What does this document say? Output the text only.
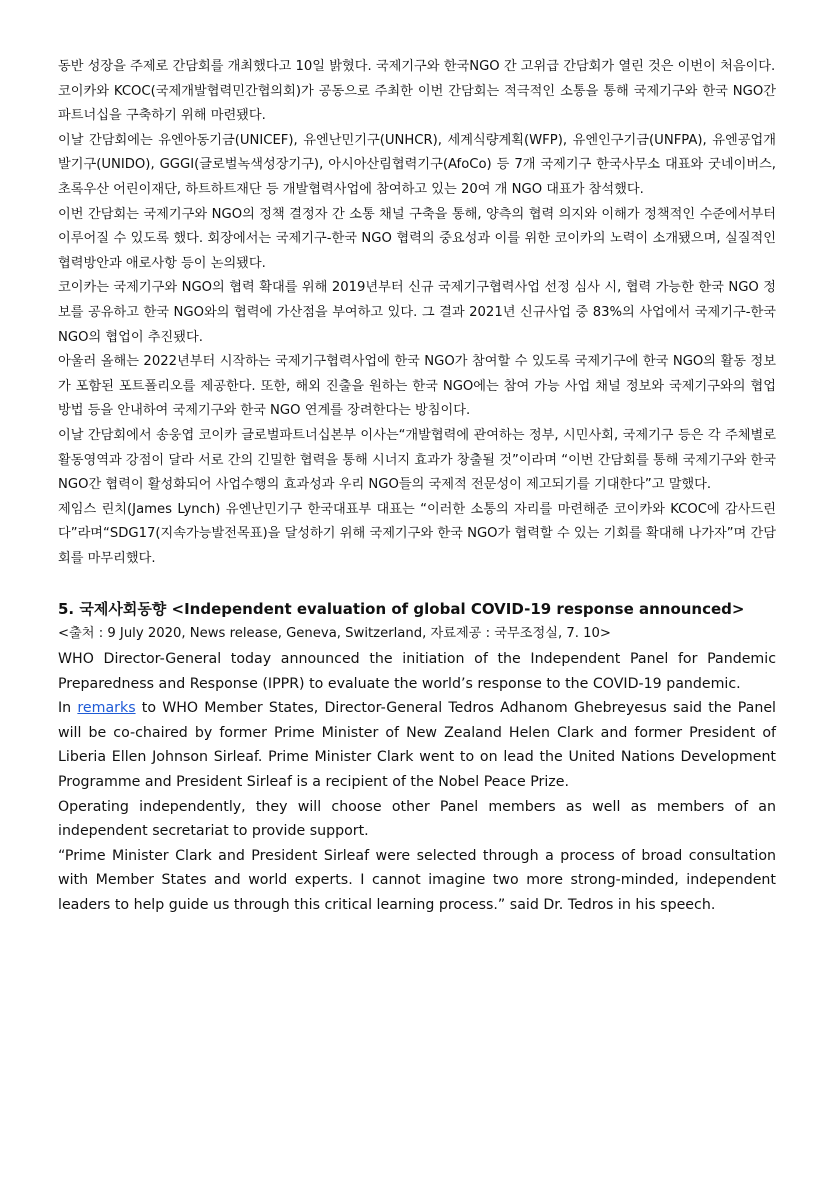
동반 성장을 주제로 간담회를 개최했다고 10일 밝혔다. 국제기구와 한국NGO 간 고위급 간담회가 열린 것은 이번이 처음이다.

코이카와 KCOC(국제개발협력민간협의회)가 공동으로 주최한 이번 간담회는 적극적인 소통을 통해 국제기구와 한국 NGO간 파트너십을 구축하기 위해 마련됐다.

이날 간담회에는 유엔아동기금(UNICEF), 유엔난민기구(UNHCR), 세계식량계획(WFP), 유엔인구기금(UNFPA), 유엔공업개발기구(UNIDO), GGGI(글로벌녹색성장기구), 아시아산림협력기구(AfoCo) 등 7개 국제기구 한국사무소 대표와 굿네이버스, 초록우산 어린이재단, 하트하트재단 등 개발협력사업에 참여하고 있는 20여 개 NGO 대표가 참석했다.

이번 간담회는 국제기구와 NGO의 정책 결정자 간 소통 채널 구축을 통해, 양측의 협력 의지와 이해가 정책적인 수준에서부터 이루어질 수 있도록 했다. 회장에서는 국제기구-한국 NGO 협력의 중요성과 이를 위한 코이카의 노력이 소개됐으며, 실질적인 협력방안과 애로사항 등이 논의됐다.

코이카는 국제기구와 NGO의 협력 확대를 위해 2019년부터 신규 국제기구협력사업 선정 심사 시, 협력 가능한 한국 NGO 정보를 공유하고 한국 NGO와의 협력에 가산점을 부여하고 있다. 그 결과 2021년 신규사업 중 83%의 사업에서 국제기구-한국 NGO의 협업이 추진됐다.

아울러 올해는 2022년부터 시작하는 국제기구협력사업에 한국 NGO가 참여할 수 있도록 국제기구에 한국 NGO의 활동 정보가 포함된 포트폴리오를 제공한다. 또한, 해외 진출을 원하는 한국 NGO에는 참여 가능 사업 채널 정보와 국제기구와의 협업 방법 등을 안내하여 국제기구와 한국 NGO 연계를 장려한다는 방침이다.

이날 간담회에서 송웅엽 코이카 글로벌파트너십본부 이사는“개발협력에 관여하는 정부, 시민사회, 국제기구 등은 각 주체별로 활동영역과 강점이 달라 서로 간의 긴밀한 협력을 통해 시너지 효과가 창출될 것”이라며 “이번 간담회를 통해 국제기구와 한국 NGO간 협력이 활성화되어 사업수행의 효과성과 우리 NGO들의 국제적 전문성이 제고되기를 기대한다”고 말했다.

제임스 린치(James Lynch) 유엔난민기구 한국대표부 대표는 “이러한 소통의 자리를 마련해준 코이카와 KCOC에 감사드린다”라며“SDG17(지속가능발전목표)을 달성하기 위해 국제기구와 한국 NGO가 협력할 수 있는 기회를 확대해 나가자”며 간담회를 마무리했다.

5. 국제사회동향 <Independent evaluation of global COVID-19 response announced>

<출처 : 9 July 2020, News release, Geneva, Switzerland, 자료제공 : 국무조정실, 7. 10>

WHO Director-General today announced the initiation of the Independent Panel for Pandemic Preparedness and Response (IPPR) to evaluate the world’s response to the COVID-19 pandemic.

In remarks to WHO Member States, Director-General Tedros Adhanom Ghebreyesus said the Panel will be co-chaired by former Prime Minister of New Zealand Helen Clark and former President of Liberia Ellen Johnson Sirleaf. Prime Minister Clark went to on lead the United Nations Development Programme and President Sirleaf is a recipient of the Nobel Peace Prize.

Operating independently, they will choose other Panel members as well as members of an independent secretariat to provide support.

“Prime Minister Clark and President Sirleaf were selected through a process of broad consultation with Member States and world experts. I cannot imagine two more strong-minded, independent leaders to help guide us through this critical learning process.” said Dr. Tedros in his speech.
